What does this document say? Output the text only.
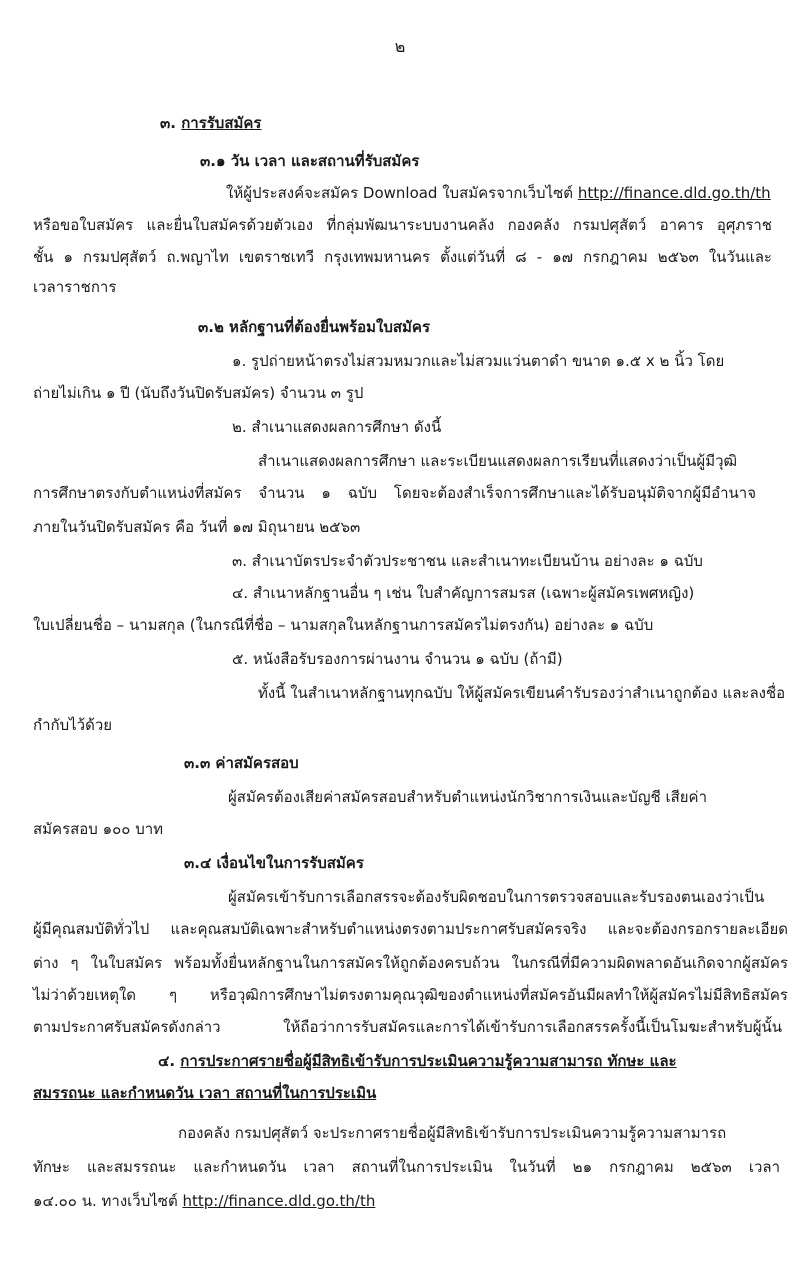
๒
๓. การรับสมัคร
๓.๑ วัน เวลา และสถานที่รับสมัคร
ให้ผู้ประสงค์จะสมัคร Download ใบสมัครจากเว็บไซต์ http://finance.dld.go.th/th
หรือขอใบสมัคร และยื่นใบสมัครด้วยตัวเอง ที่กลุ่มพัฒนาระบบงานคลัง กองคลัง กรมปศุสัตว์ อาคาร อุศุภราช
ชั้น ๑ กรมปศุสัตว์ ถ.พญาไท เขตราชเทวี กรุงเทพมหานคร ตั้งแต่วันที่ ๘ - ๑๗ กรกฎาคม ๒๕๖๓ ในวันและ
เวลาราชการ
๓.๒ หลักฐานที่ต้องยื่นพร้อมใบสมัคร
๑. รูปถ่ายหน้าตรงไม่สวมหมวกและไม่สวมแว่นตาดำ ขนาด ๑.๕ x ๒ นิ้ว โดย
ถ่ายไม่เกิน ๑ ปี (นับถึงวันปิดรับสมัคร) จำนวน ๓ รูป
๒. สำเนาแสดงผลการศึกษา ดังนี้
สำเนาแสดงผลการศึกษา และระเบียนแสดงผลการเรียนที่แสดงว่าเป็นผู้มีวุฒิ
การศึกษาตรงกับตำแหน่งที่สมัคร จำนวน ๑ ฉบับ โดยจะต้องสำเร็จการศึกษาและได้รับอนุมัติจากผู้มีอำนาจ
ภายในวันปิดรับสมัคร คือ วันที่ ๑๗ มิถุนายน ๒๕๖๓
๓. สำเนาบัตรประจำตัวประชาชน และสำเนาทะเบียนบ้าน อย่างละ ๑ ฉบับ
๔. สำเนาหลักฐานอื่น ๆ เช่น ใบสำคัญการสมรส (เฉพาะผู้สมัครเพศหญิง)
ใบเปลี่ยนชื่อ – นามสกุล (ในกรณีที่ชื่อ – นามสกุลในหลักฐานการสมัครไม่ตรงกัน) อย่างละ ๑ ฉบับ
๕. หนังสือรับรองการผ่านงาน จำนวน ๑ ฉบับ (ถ้ามี)
ทั้งนี้ ในสำเนาหลักฐานทุกฉบับ ให้ผู้สมัครเขียนคำรับรองว่าสำเนาถูกต้อง และลงชื่อ
กำกับไว้ด้วย
๓.๓ ค่าสมัครสอบ
ผู้สมัครต้องเสียค่าสมัครสอบสำหรับตำแหน่งนักวิชาการเงินและบัญชี เสียค่า
สมัครสอบ ๑๐๐ บาท
๓.๔ เงื่อนไขในการรับสมัคร
ผู้สมัครเข้ารับการเลือกสรรจะต้องรับผิดชอบในการตรวจสอบและรับรองตนเองว่าเป็น
ผู้มีคุณสมบัติทั่วไป และคุณสมบัติเฉพาะสำหรับตำแหน่งตรงตามประกาศรับสมัครจริง และจะต้องกรอกรายละเอียด
ต่าง ๆ ในใบสมัคร พร้อมทั้งยื่นหลักฐานในการสมัครให้ถูกต้องครบถ้วน ในกรณีที่มีความผิดพลาดอันเกิดจากผู้สมัคร
ไม่ว่าด้วยเหตุใด ๆ หรือวุฒิการศึกษาไม่ตรงตามคุณวุฒิของตำแหน่งที่สมัครอันมีผลทำให้ผู้สมัครไม่มีสิทธิสมัคร
ตามประกาศรับสมัครดังกล่าว ให้ถือว่าการรับสมัครและการได้เข้ารับการเลือกสรรครั้งนี้เป็นโมฆะสำหรับผู้นั้น
๔. การประกาศรายชื่อผู้มีสิทธิเข้ารับการประเมินความรู้ความสามารถ ทักษะ และ
สมรรถนะ และกำหนดวัน เวลา สถานที่ในการประเมิน
กองคลัง กรมปศุสัตว์ จะประกาศรายชื่อผู้มีสิทธิเข้ารับการประเมินความรู้ความสามารถ
ทักษะ และสมรรถนะ และกำหนดวัน เวลา สถานที่ในการประเมิน ในวันที่ ๒๑ กรกฎาคม ๒๕๖๓ เวลา
๑๔.๐๐ น. ทางเว็บไซต์ http://finance.dld.go.th/th
